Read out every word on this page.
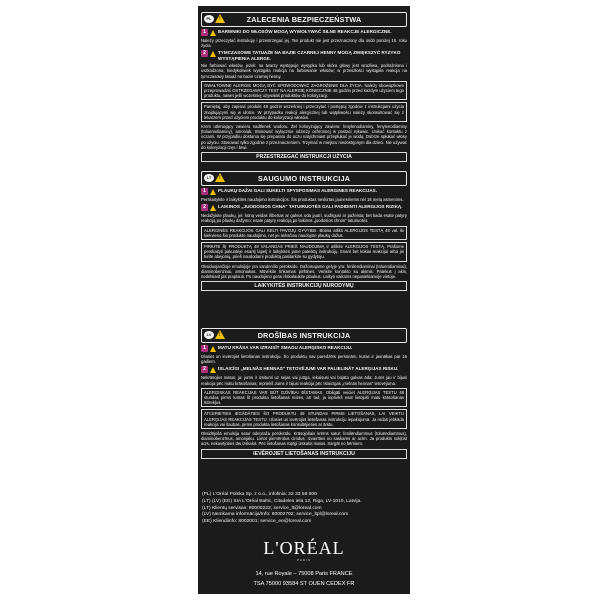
PL !	ZALECENIA BEZPIECZEŃSTWA
1	BARWNIKI DO WŁOSÓW MOGĄ WYWOŁYWAĆ SILNE REAKCJE ALERGICZNE.
Należy przeczytać instrukcję i przestrzegać jej. Ten produkt nie jest przeznaczony dla osób poniżej 16. roku życia.
2	TYMCZASOWE TATUAŻE NA BAZIE CZARNEJ HENNY MOGĄ ZWIĘKSZYĆ RYZYKO WYSTĄPIENIA ALERGII.
Nie farbować włosów, jeżeli: na twarzy występuje wysypka lub skóra głowy jest wrażliwa, podrażniona i uszkodzona; kiedykolwiek wystąpiła reakcja na farbowanie włosów; w przeszłości wystąpiła reakcja na tymczasowy tatuaż na bazie czarnej henny.
GWAŁTOWNE ALERGIE MOGĄ BYĆ SPOWODOWAĆ ZAGROŻENIE DLA ŻYCIA. Należy obowiązkowo przeprowadzić OSTRZEGAWCZY TEST NA ALERGIĘ KONIECZNIE 48 godzin przed każdym użyciem tego produktu, nawet jeśli wcześniej używałaś produktów do koloryzacji.
Pamiętaj, aby zapisać produkt 48 godzin wcześniej i przeczytać i postępuj zgodnie z instrukcjami użycia znajdującymi się w ulotce. W przypadku reakcji alergicznej lub wątpliwości należy skonsultować się z lekarzem przed użyciem produktu do koloryzacji włosów.
Krem utleniający zawiera nadtlenek wodoru. Żel koloryzujący zawiera: fenylenodiaminy, fenylenodiaminy (toluenodiaminy), amoniak. Stosować wyłącznie odzieży ochronnej w postaci rękawic. Unikać kontaktu z oczami. W przypadku dostania się preparatu do oczu natychmiast przepłukać je wodą. Dobrze spłukać włosy po użyciu. Stosować tylko zgodnie z przeznaczeniem. Trzymać w miejscu niedostępnym dla dzieci. Nie używać do koloryzacji rzęs i brwi.
PRZESTRZEGAĆ INSTRUKCJI UŻYCIA
LT !	SAUGUMO INSTRUKCIJA
1	PLAUKŲ DAŽAI GALI SUKELTI SPYSPOSIMAS ALERGINES REAKCIJAS.
Perskaitykite ir laikykitės naudojimo instrukcijos. Šis produktas neskirtas jaunesniems nei 16 metų asmenims.
2	LAIKINOS „JUODOSIOS CHNA" TATUIRUOTĖS GALI PADIDINTI ALERGIJOS RIZIKĄ.
Nedažykite plaukų, jei: kūną veidas išbertas ar galvos oda jautri, sudirgusi ar pažeista; bet kada esate patyrę reakciją po plaukų dažymo; esate patyrę reakciją po laikinos „juodosios chnos" tatuiruotės.
ALERGINĖS REAKCIJOS GALI KELTI PAVOJŲ GYVYBEI. Būtina atlikti ALERGIJOS TESTĄ 48 val. iki kiekvieno šio produkto naudojimo, net jei anksčiau naudojote plaukų dažus.
PIRKITE ŠĮ PRODUKTĄ 48 VALANDAS PRIEŠ NAUDOJIMĄ ir atlikite ALERGIJOS TESTĄ. Prašome perskaityti pakuotėje esantį lapelį ir laikykitės jame pateiktų instrukcijų. Esant bet kokiai reakcijai arba jei turite abejonių, prieš naudodami produktą pasitarkite su gydytoju.
Oksiduojančioje emulsijoje yra vandenilio peroksido. Dažomajame gelyje yra: fenilendiaminai (toluendiaminai), diaminobenzinai, amoniakas. Mūvėkite tinkamas pirštines. Venkite kontakto su akimis. Patekus į akis, nedelsiant jas praplauti. Po naudojimo gerai išskalaukite plaukus. Laikyti vaikams nepasiekiamoje vietoje.
LAIKYKITĖS INSTRUKCIJŲ NURODYMŲ
LV !	DROŠĪBAS INSTRUKCIJA
1	MATU KRĀSA VAR IZRAISĪT SMAGU ALERĢISKO REAKCIJU.
Izlasiet un ievērojiet lietošanas instrukciju. Šo produktu nav paredzēts personām, kuras ir jaunākas par 16 gadiem.
2	ISLAICĪGI „MELNĀS HENNAS" TETOVĒJUMI VAR PALIELINĀT ALERĢIJAS RISKU.
Nekrāsojiet matus, ja: jums ir izsitumi uz sejas vai jutīga, iekaisusi vai bojāta galvas āda; Jums jau ir bijusi reakcija pēc matu krāsošanas; Iepriekš Jums ir bijusi reakcija pēc īslaicīgas „melnās hennas" tetovējuma.
ALERĢISKAS REAKCIJAS VAR BŪT DZĪVĪBAI BĪSTAMAS. Obligāti veiciet ALERĢIJAS TESTU 48 stundas pirms katras šī produkta lietošanas reizes, arī tad, ja iepriekš esat lietojuši matu krāsošanas līdzekļus.
ATCERIETIES IEGĀDĀTIES ŠO PRODUKTU 48 STUNDAS PIRMS LIETOŠANAS, LAI VEIKTU ALERĢIJAS REAKCIJAS TESTU. Izlasiet un ievērojiet lietošanas instrukciju iepakojumā. Ja rodas jebkāda reakcija vai šaubas, pirms produkta lietošanas konsultējieties ar ārstu.
Oksidējošā emulsija satur ūdeņraža peroksīdu. Krāsojošais krēms satur: fenilēndiamīnus (toluēndiamīnus), diaminobenzīnus, amonjaku. Lietot piemērotus cimdus. Izvairīties no saskares ar acīm. Ja produkts nokļūst acīs, nekavējoties tās izskalot. Pēc lietošanas rūpīgi izskalot matus. Sargāt no bērniem.
IEVĒROJIET LIETOŠANAS INSTRUKCIJU
(PL) L'Oréal Polska Sp. z o.o., infolinia: 22 33 58 600
(LT) (LV) (EE) SIA L'Oréal Baltic, Citadeles iela 12, Riga, LV-1010, Latvija.
(LT) Klientų servisas: 80000222; service_lt@loreal.com
(LV) Ņemkama informācija/Info: 80002702; service_ltpl@loreal.com
(EE) Kliendiinfo: 8002001; service_ee@loreal.com
L'ORÉAL
PARIS
14, rue Royale – 75008 Paris FRANCE
TSA 75000 93584 ST OUEN CEDEX FR
